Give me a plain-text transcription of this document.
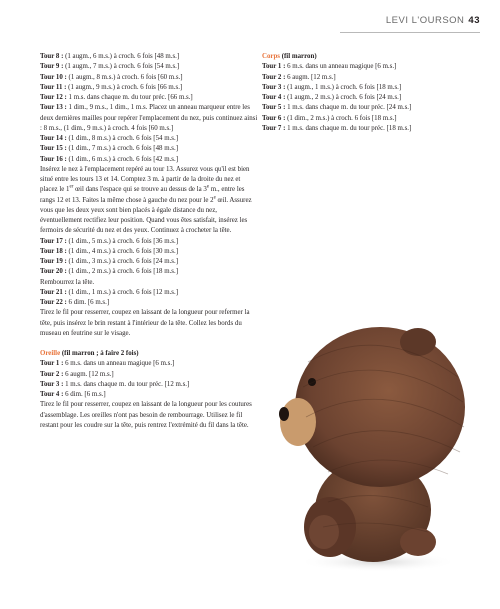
LEVI L'OURSON 43

Tour 8 : (1 augm., 6 m.s.) à croch. 6 fois [48 m.s.]

Tour 9 : (1 augm., 7 m.s.) à croch. 6 fois [54 m.s.]

Tour 10 : (1 augm., 8 m.s.) à croch. 6 fois [60 m.s.]

Tour 11 : (1 augm., 9 m.s.) à croch. 6 fois [66 m.s.]

Tour 12 : 1 m.s. dans chaque m. du tour préc. [66 m.s.]

Tour 13 : 1 dim., 9 m.s., 1 dim., 1 m.s. Placez un anneau marqueur entre les deux dernières mailles pour repérer l'emplacement du nez, puis continuez ainsi : 8 m.s., (1 dim., 9 m.s.) à croch. 4 fois [60 m.s.]

Tour 14 : (1 dim., 8 m.s.) à croch. 6 fois [54 m.s.]

Tour 15 : (1 dim., 7 m.s.) à croch. 6 fois [48 m.s.]

Tour 16 : (1 dim., 6 m.s.) à croch. 6 fois [42 m.s.]

Insérez le nez à l'emplacement repéré au tour 13. Assurez vous qu'il est bien situé entre les tours 13 et 14. Comptez 3 m. à partir de la droite du nez et placez le 1er œil dans l'espace qui se trouve au dessus de la 3e m., entre les rangs 12 et 13. Faites la même chose à gauche du nez pour le 2e œil. Assurez vous que les deux yeux sont bien placés à égale distance du nez, éventuellement rectifiez leur position. Quand vous êtes satisfait, insérez les fermoirs de sécurité du nez et des yeux. Continuez à crocheter la tête.

Tour 17 : (1 dim., 5 m.s.) à croch. 6 fois [36 m.s.]

Tour 18 : (1 dim., 4 m.s.) à croch. 6 fois [30 m.s.]

Tour 19 : (1 dim., 3 m.s.) à croch. 6 fois [24 m.s.]

Tour 20 : (1 dim., 2 m.s.) à croch. 6 fois [18 m.s.]

Rembourrez la tête.

Tour 21 : (1 dim., 1 m.s.) à croch. 6 fois [12 m.s.]

Tour 22 : 6 dim. [6 m.s.]

Tirez le fil pour resserrer, coupez en laissant de la longueur pour refermer la tête, puis insérez le brin restant à l'intérieur de la tête. Collez les bords du museau en feutrine sur le visage.

Oreille (fil marron ; à faire 2 fois)

Tour 1 : 6 m.s. dans un anneau magique [6 m.s.]

Tour 2 : 6 augm. [12 m.s.]

Tour 3 : 1 m.s. dans chaque m. du tour préc. [12 m.s.]

Tour 4 : 6 dim. [6 m.s.]

Tirez le fil pour resserrer, coupez en laissant de la longueur pour les coutures d'assemblage. Les oreilles n'ont pas besoin de rembourrage. Utilisez le fil restant pour les coudre sur la tête, puis rentrez l'extrémité du fil dans la tête.

Corps (fil marron)

Tour 1 : 6 m.s. dans un anneau magique [6 m.s.]

Tour 2 : 6 augm. [12 m.s.]

Tour 3 : (1 augm., 1 m.s.) à croch. 6 fois [18 m.s.]

Tour 4 : (1 augm., 2 m.s.) à croch. 6 fois [24 m.s.]

Tour 5 : 1 m.s. dans chaque m. du tour préc. [24 m.s.]

Tour 6 : (1 dim., 2 m.s.) à croch. 6 fois [18 m.s.]

Tour 7 : 1 m.s. dans chaque m. du tour préc. [18 m.s.]
